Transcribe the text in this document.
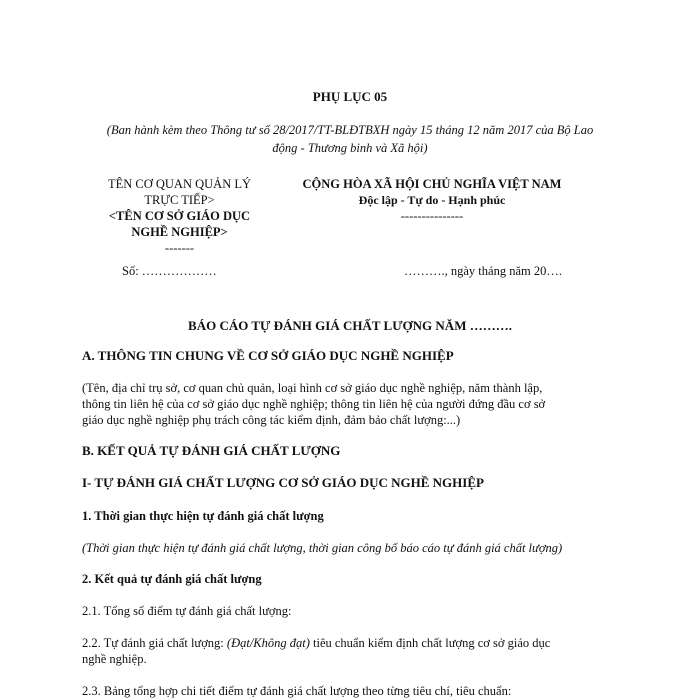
PHỤ LỤC 05
(Ban hành kèm theo Thông tư số 28/2017/TT-BLĐTBXH ngày 15 tháng 12 năm 2017 của Bộ Lao
động - Thương binh và Xã hội)
TÊN CƠ QUAN QUẢN LÝ
TRỰC TIẾP>
<TÊN CƠ SỞ GIÁO DỤC
NGHỀ NGHIỆP>
-------
CỘNG HÒA XÃ HỘI CHỦ NGHĨA VIỆT NAM
Độc lập - Tự do - Hạnh phúc
---------------
Số: ………………	………., ngày tháng năm 20….
BÁO CÁO TỰ ĐÁNH GIÁ CHẤT LƯỢNG NĂM ……….
A. THÔNG TIN CHUNG VỀ CƠ SỞ GIÁO DỤC NGHỀ NGHIỆP
(Tên, địa chỉ trụ sở, cơ quan chủ quản, loại hình cơ sở giáo dục nghề nghiệp, năm thành lập,
thông tin liên hệ của cơ sở giáo dục nghề nghiệp; thông tin liên hệ của người đứng đầu cơ sở
giáo dục nghề nghiệp phụ trách công tác kiểm định, đảm bảo chất lượng:...)
B. KẾT QUẢ TỰ ĐÁNH GIÁ CHẤT LƯỢNG
I- TỰ ĐÁNH GIÁ CHẤT LƯỢNG CƠ SỞ GIÁO DỤC NGHỀ NGHIỆP
1. Thời gian thực hiện tự đánh giá chất lượng
(Thời gian thực hiện tự đánh giá chất lượng, thời gian công bố báo cáo tự đánh giá chất lượng)
2. Kết quả tự đánh giá chất lượng
2.1. Tổng số điểm tự đánh giá chất lượng:
2.2. Tự đánh giá chất lượng: (Đạt/Không đạt) tiêu chuẩn kiểm định chất lượng cơ sở giáo dục
nghề nghiệp.
2.3. Bảng tổng hợp chi tiết điểm tự đánh giá chất lượng theo từng tiêu chí, tiêu chuẩn:
